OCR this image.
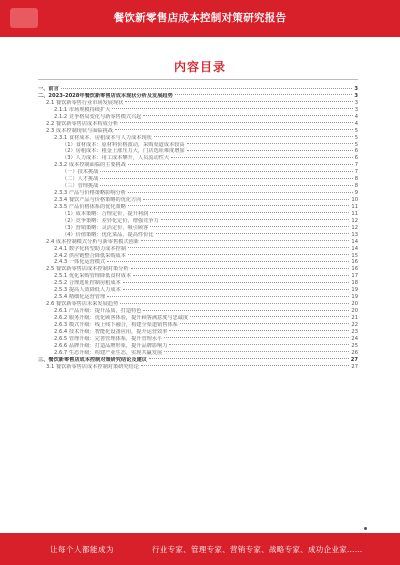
餐饮新零售店成本控制对策研究报告
内容目录
一、前言	3
二、2023-2028年餐饮新零售店成本现状分析及发展趋势	3
2.1 餐饮新零售行业市场发展现状	3
2.1.1 市场规模持续扩大	3
2.1.2 竞争格局变化与新零售模式兴起	4
2.2 餐饮新零售店成本构成分析	4
2.3 成本控制现状与面临挑战	5
2.3.1 食材成本、房租成本与人力成本现状	5
（1）食材成本：原材料价格波动，采购渠道成本较高	5
（2）房租成本：租金上涨压力大，门店选址难度增加	6
（3）人力成本：用工成本攀升，人员流动性大	6
2.3.2 成本控制面临的主要挑战	7
（一）技术挑战	7
（二）人才挑战	8
（三）管理挑战	8
2.3.3 产品与价格策略影响分析	9
2.3.4 餐饮产品与价格策略的优化方向	10
2.3.5 产品价格体系的优化策略	11
（1）成本策略：合理定价，提升利润	11
（2）竞争策略：差异化定价，增强竞争力	12
（3）营销策略：灵活定价，吸引顾客	12
（4）价值策略：优化菜品，提高性价比	13
2.4 成本控制模式分析与新零售模式创新	14
2.4.1 数字化转型助力成本控制	14
2.4.2 供应链整合降低采购成本	15
2.4.3 一体化运营模式	16
2.5 餐饮新零售店成本控制对策分析	16
2.5.1 优化采购管理降低食材成本	17
2.5.2 合理选址控制房租成本	18
2.5.3 提高人效降低人力成本	19
2.5.4 精细化运营管理	19
2.6 餐饮新零售店未来发展趋势	20
2.6.1 产品升级：提升品质，打造特色	20
2.6.2 服务升级：优化顾客体验，提升顾客满意度与忠诚度	21
2.6.3 模式升级：线上线下融合，构建全渠道销售体系	22
2.6.4 技术升级：智能化设备应用，提升运营效率	23
2.6.5 管理升级：完善管理体系，提升管理水平	24
2.6.6 品牌升级：打造品牌形象，提升品牌影响力	25
2.6.7 生态升级：构建产业生态，实现共赢发展	26
三、餐饮新零售店成本控制对策研究结论及建议	27
3.1 餐饮新零售店成本控制对策研究结论	27
让每个人都能成为	行业专家、管理专家、营销专家、战略专家、成功企业家……
